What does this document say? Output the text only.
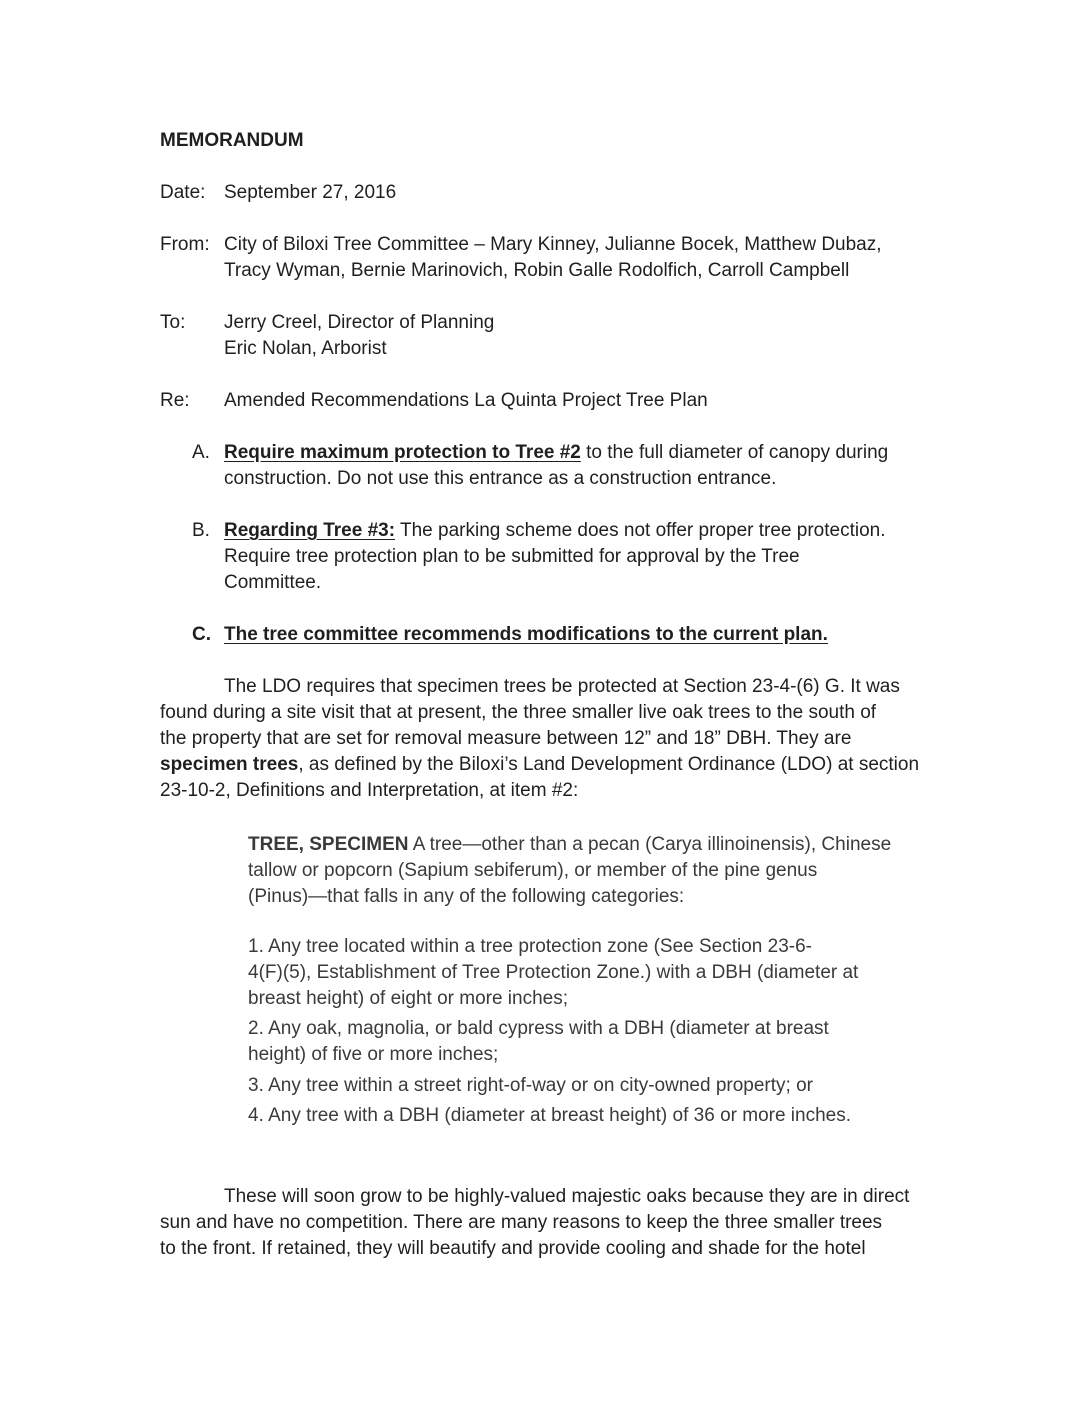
MEMORANDUM
Date: September 27, 2016
From: City of Biloxi Tree Committee – Mary Kinney, Julianne Bocek, Matthew Dubaz,
Tracy Wyman, Bernie Marinovich, Robin Galle Rodolfich, Carroll Campbell
To: Jerry Creel, Director of Planning
Eric Nolan, Arborist
Re: Amended Recommendations La Quinta Project Tree Plan
A. Require maximum protection to Tree #2 to the full diameter of canopy during
construction. Do not use this entrance as a construction entrance.
B. Regarding Tree #3: The parking scheme does not offer proper tree protection.
Require tree protection plan to be submitted for approval by the Tree
Committee.
C. The tree committee recommends modifications to the current plan.
The LDO requires that specimen trees be protected at Section 23-4-(6) G. It was
found during a site visit that at present, the three smaller live oak trees to the south of
the property that are set for removal measure between 12” and 18” DBH. They are
specimen trees, as defined by the Biloxi’s Land Development Ordinance (LDO) at section
23-10-2, Definitions and Interpretation, at item #2:
TREE, SPECIMEN A tree—other than a pecan (Carya illinoinensis), Chinese
tallow or popcorn (Sapium sebiferum), or member of the pine genus
(Pinus)—that falls in any of the following categories:
1. Any tree located within a tree protection zone (See Section 23-6-
4(F)(5), Establishment of Tree Protection Zone.) with a DBH (diameter at
breast height) of eight or more inches;
2. Any oak, magnolia, or bald cypress with a DBH (diameter at breast
height) of five or more inches;
3. Any tree within a street right-of-way or on city-owned property; or
4. Any tree with a DBH (diameter at breast height) of 36 or more inches.
These will soon grow to be highly-valued majestic oaks because they are in direct
sun and have no competition. There are many reasons to keep the three smaller trees
to the front. If retained, they will beautify and provide cooling and shade for the hotel
